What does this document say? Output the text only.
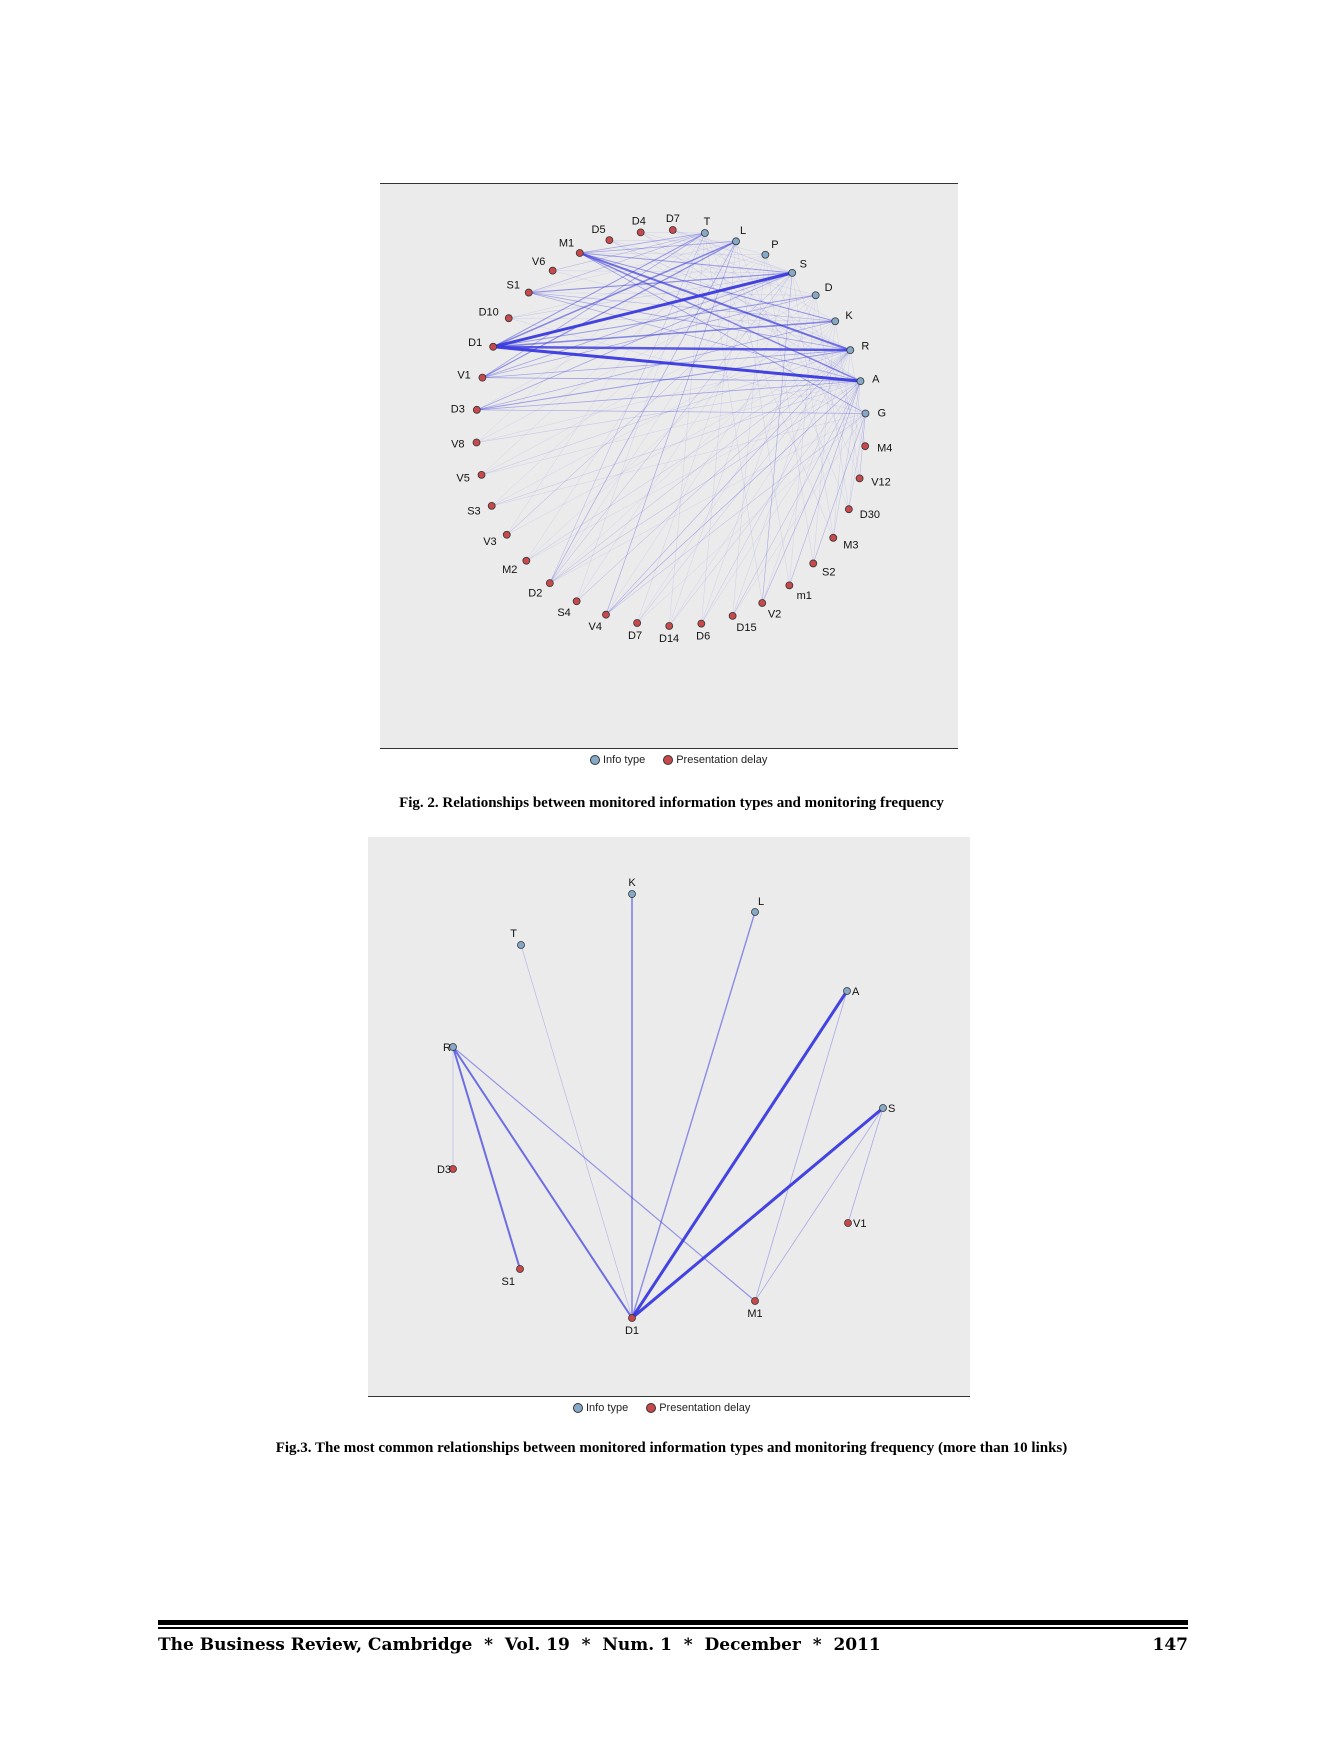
T
L
P
S
D
K
R
A
G
M4
V12
D30
M3
S2
m1
V2
D15
D6
D14
D7
V4
S4
D2
M2
V3
S3
V5
V8
D3
V1
D1
D10
S1
V6
M1
D5
D4 D7
Info type	Presentation delay
Fig. 2. Relationships between monitored information types and monitoring frequency
K
L
T
A
R
S
D3
V1
S1
M1
D1
Info type	Presentation delay
Fig.3. The most common relationships between monitored information types and monitoring frequency (more than 10 links)
The Business Review, Cambridge  *  Vol. 19  *  Num. 1  *  December  *  2011	147
